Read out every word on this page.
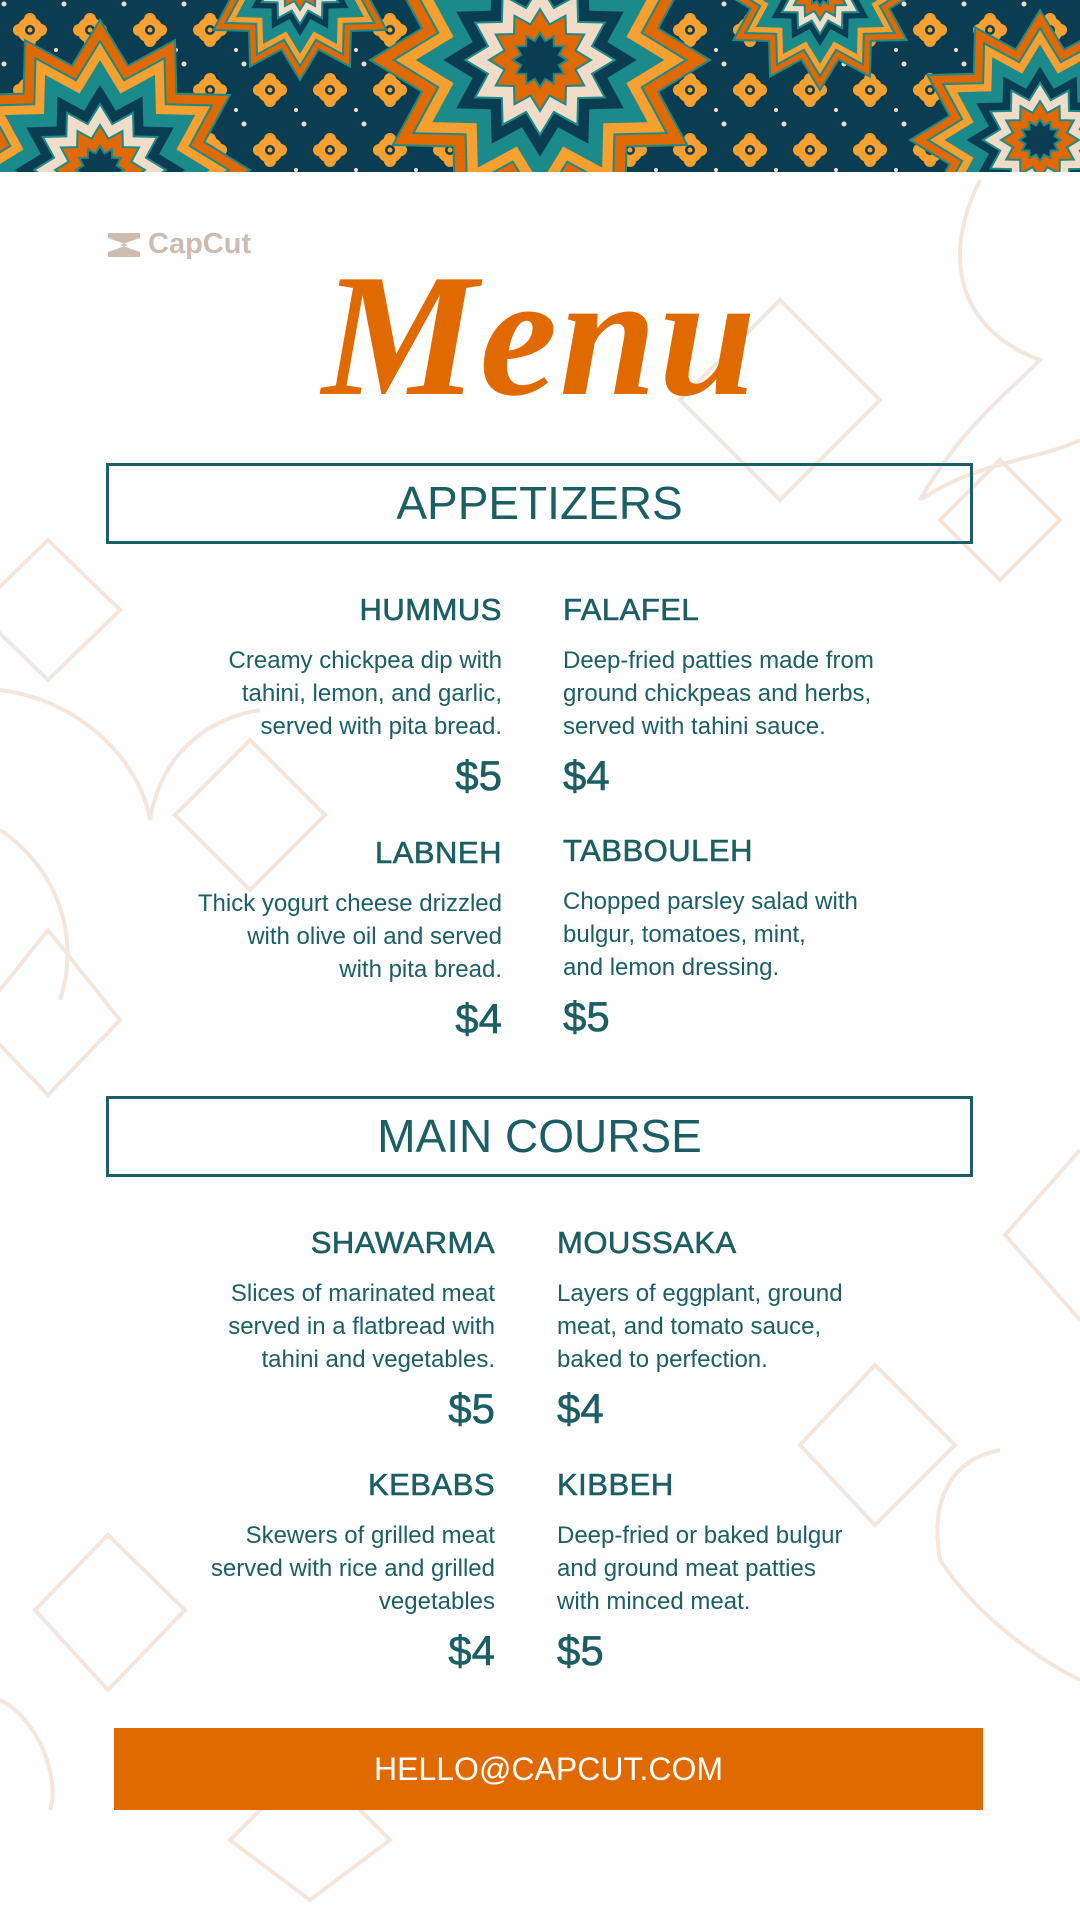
CapCut Menu
APPETIZERS
MAIN COURSE
HUMMUS
Creamy chickpea dip with
tahini, lemon, and garlic,
served with pita bread.
$5
FALAFEL
Deep-fried patties made from
ground chickpeas and herbs,
served with tahini sauce.
$4
LABNEH
Thick yogurt cheese drizzled
with olive oil and served
with pita bread.
$4
TABBOULEH
Chopped parsley salad with
bulgur, tomatoes, mint,
and lemon dressing.
$5
SHAWARMA
Slices of marinated meat
served in a flatbread with
tahini and vegetables.
$5
MOUSSAKA
Layers of eggplant, ground
meat, and tomato sauce,
baked to perfection.
$4
KEBABS
Skewers of grilled meat
served with rice and grilled
vegetables
$4
KIBBEH
Deep-fried or baked bulgur
and ground meat patties
with minced meat.
$5
HELLO@CAPCUT.COM
